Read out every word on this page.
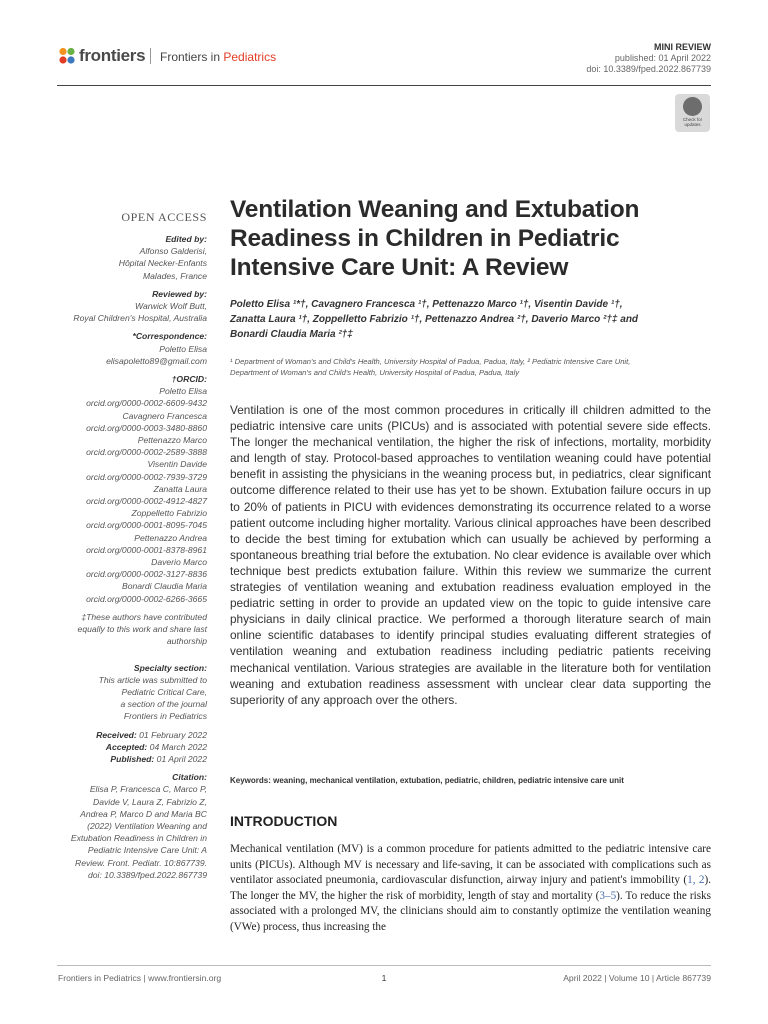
frontiers Frontiers in Pediatrics
MINI REVIEW
published: 01 April 2022
doi: 10.3389/fped.2022.867739
Check for updates
OPEN ACCESS
Edited by:
Alfonso Galderisi,
Hôpital Necker-Enfants
Malades, France
Reviewed by:
Warwick Wolf Butt,
Royal Children's Hospital, Australia
*Correspondence:
Poletto Elisa
elisapoletto89@gmail.com
†ORCID:
Poletto Elisa
orcid.org/0000-0002-6609-9432
Cavagnero Francesca
orcid.org/0000-0003-3480-8860
Pettenazzo Marco
orcid.org/0000-0002-2589-3888
Visentin Davide
orcid.org/0000-0002-7939-3729
Zanatta Laura
orcid.org/0000-0002-4912-4827
Zoppelletto Fabrizio
orcid.org/0000-0001-8095-7045
Pettenazzo Andrea
orcid.org/0000-0001-8378-8961
Daverio Marco
orcid.org/0000-0002-3127-8836
Bonardi Claudia Maria
orcid.org/0000-0002-6266-3665
‡These authors have contributed
equally to this work and share last
authorship
Specialty section:
This article was submitted to
Pediatric Critical Care,
a section of the journal
Frontiers in Pediatrics
Received: 01 February 2022
Accepted: 04 March 2022
Published: 01 April 2022
Citation:
Elisa P, Francesca C, Marco P,
Davide V, Laura Z, Fabrizio Z,
Andrea P, Marco D and Maria BC
(2022) Ventilation Weaning and
Extubation Readiness in Children in
Pediatric Intensive Care Unit: A
Review. Front. Pediatr. 10:867739.
doi: 10.3389/fped.2022.867739
Ventilation Weaning and Extubation Readiness in Children in Pediatric Intensive Care Unit: A Review
Poletto Elisa ¹*†, Cavagnero Francesca ¹†, Pettenazzo Marco ¹†, Visentin Davide ¹†,
Zanatta Laura ¹†, Zoppelletto Fabrizio ¹†, Pettenazzo Andrea ²†, Daverio Marco ²†‡ and
Bonardi Claudia Maria ²†‡
¹ Department of Woman's and Child's Health, University Hospital of Padua, Padua, Italy, ² Pediatric Intensive Care Unit,
Department of Woman's and Child's Health, University Hospital of Padua, Padua, Italy
Ventilation is one of the most common procedures in critically ill children admitted to the pediatric intensive care units (PICUs) and is associated with potential severe side effects. The longer the mechanical ventilation, the higher the risk of infections, mortality, morbidity and length of stay. Protocol-based approaches to ventilation weaning could have potential benefit in assisting the physicians in the weaning process but, in pediatrics, clear significant outcome difference related to their use has yet to be shown. Extubation failure occurs in up to 20% of patients in PICU with evidences demonstrating its occurrence related to a worse patient outcome including higher mortality. Various clinical approaches have been described to decide the best timing for extubation which can usually be achieved by performing a spontaneous breathing trial before the extubation. No clear evidence is available over which technique best predicts extubation failure. Within this review we summarize the current strategies of ventilation weaning and extubation readiness evaluation employed in the pediatric setting in order to provide an updated view on the topic to guide intensive care physicians in daily clinical practice. We performed a thorough literature search of main online scientific databases to identify principal studies evaluating different strategies of ventilation weaning and extubation readiness including pediatric patients receiving mechanical ventilation. Various strategies are available in the literature both for ventilation weaning and extubation readiness assessment with unclear clear data supporting the superiority of any approach over the others.
Keywords: weaning, mechanical ventilation, extubation, pediatric, children, pediatric intensive care unit
INTRODUCTION
Mechanical ventilation (MV) is a common procedure for patients admitted to the pediatric intensive care units (PICUs). Although MV is necessary and life-saving, it can be associated with complications such as ventilator associated pneumonia, cardiovascular disfunction, airway injury and patient's immobility (1, 2). The longer the MV, the higher the risk of morbidity, length of stay and mortality (3–5). To reduce the risks associated with a prolonged MV, the clinicians should aim to constantly optimize the ventilation weaning (VWe) process, thus increasing the
Frontiers in Pediatrics | www.frontiersin.org	1	April 2022 | Volume 10 | Article 867739
